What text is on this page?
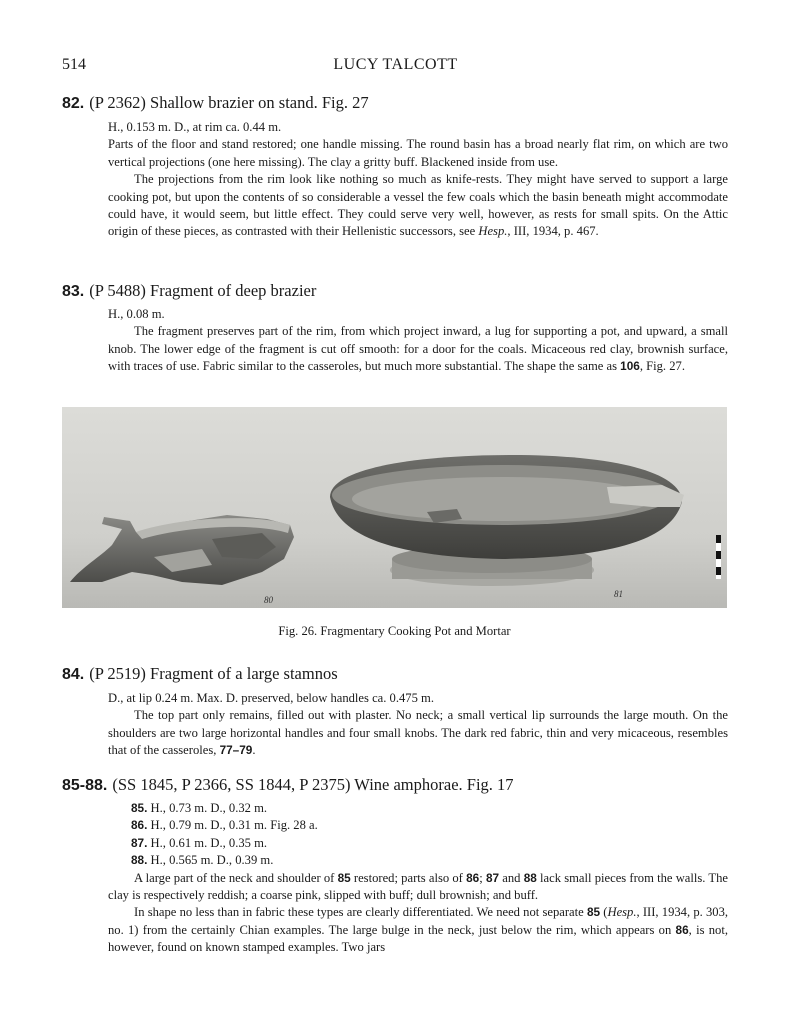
514	LUCY TALCOTT
82. (P 2362) Shallow brazier on stand. Fig. 27

H., 0.153 m. D., at rim ca. 0.44 m.

Parts of the floor and stand restored; one handle missing. The round basin has a broad nearly flat rim, on which are two vertical projections (one here missing). The clay a gritty buff. Blackened inside from use.

The projections from the rim look like nothing so much as knife-rests. They might have served to support a large cooking pot, but upon the contents of so considerable a vessel the few coals which the basin beneath might accommodate could have, it would seem, but little effect. They could serve very well, however, as rests for small spits. On the Attic origin of these pieces, as contrasted with their Hellenistic successors, see Hesp., III, 1934, p. 467.

83. (P 5488) Fragment of deep brazier

H., 0.08 m.

The fragment preserves part of the rim, from which project inward, a lug for supporting a pot, and upward, a small knob. The lower edge of the fragment is cut off smooth: for a door for the coals. Micaceous red clay, brownish surface, with traces of use. Fabric similar to the casseroles, but much more substantial. The shape the same as 106, Fig. 27.

80
81
Fig. 26. Fragmentary Cooking Pot and Mortar
84. (P 2519) Fragment of a large stamnos

D., at lip 0.24 m. Max. D. preserved, below handles ca. 0.475 m.

The top part only remains, filled out with plaster. No neck; a small vertical lip surrounds the large mouth. On the shoulders are two large horizontal handles and four small knobs. The dark red fabric, thin and very micaceous, resembles that of the casseroles, 77–79.

85-88. (SS 1845, P 2366, SS 1844, P 2375) Wine amphorae. Fig. 17

85. H., 0.73 m. D., 0.32 m.

86. H., 0.79 m. D., 0.31 m. Fig. 28 a.

87. H., 0.61 m. D., 0.35 m.

88. H., 0.565 m. D., 0.39 m.

A large part of the neck and shoulder of 85 restored; parts also of 86; 87 and 88 lack small pieces from the walls. The clay is respectively reddish; a coarse pink, slipped with buff; dull brownish; and buff.

In shape no less than in fabric these types are clearly differentiated. We need not separate 85 (Hesp., III, 1934, p. 303, no. 1) from the certainly Chian examples. The large bulge in the neck, just below the rim, which appears on 86, is not, however, found on known stamped examples. Two jars
